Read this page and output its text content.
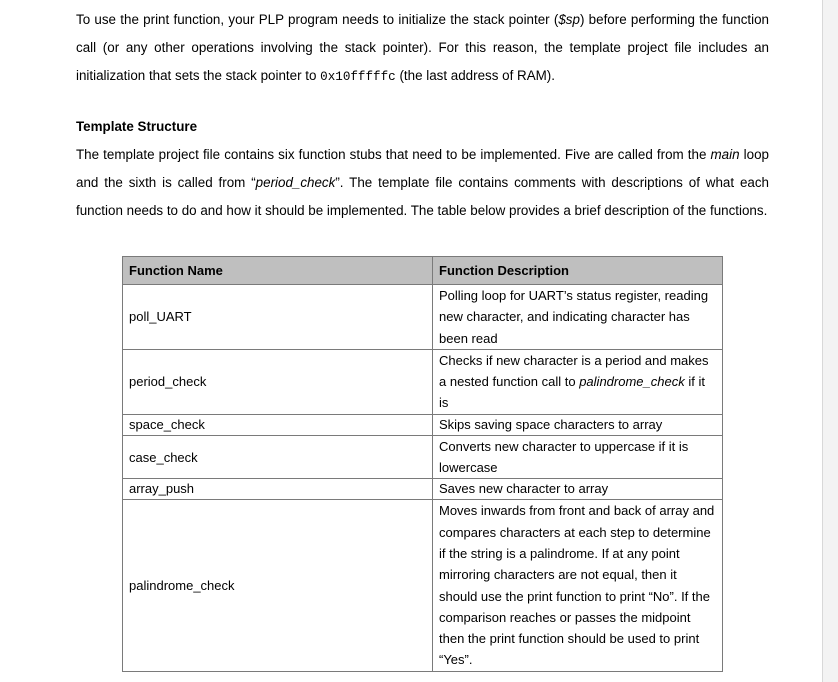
To use the print function, your PLP program needs to initialize the stack pointer ($sp) before performing the function call (or any other operations involving the stack pointer). For this reason, the template project file includes an initialization that sets the stack pointer to 0x10fffffc (the last address of RAM).

Template Structure

The template project file contains six function stubs that need to be implemented. Five are called from the main loop and the sixth is called from “period_check”. The template file contains comments with descriptions of what each function needs to do and how it should be implemented. The table below provides a brief description of the functions.

Function Name	Function Description
poll_UART	Polling loop for UART’s status register, reading new character, and indicating character has been read
period_check	Checks if new character is a period and makes a nested function call to palindrome_check if it is
space_check	Skips saving space characters to array
case_check	Converts new character to uppercase if it is lowercase
array_push	Saves new character to array
palindrome_check	Moves inwards from front and back of array and compares characters at each step to determine if the string is a palindrome. If at any point mirroring characters are not equal, then it should use the print function to print “No”. If the comparison reaches or passes the midpoint then the print function should be used to print “Yes”.
